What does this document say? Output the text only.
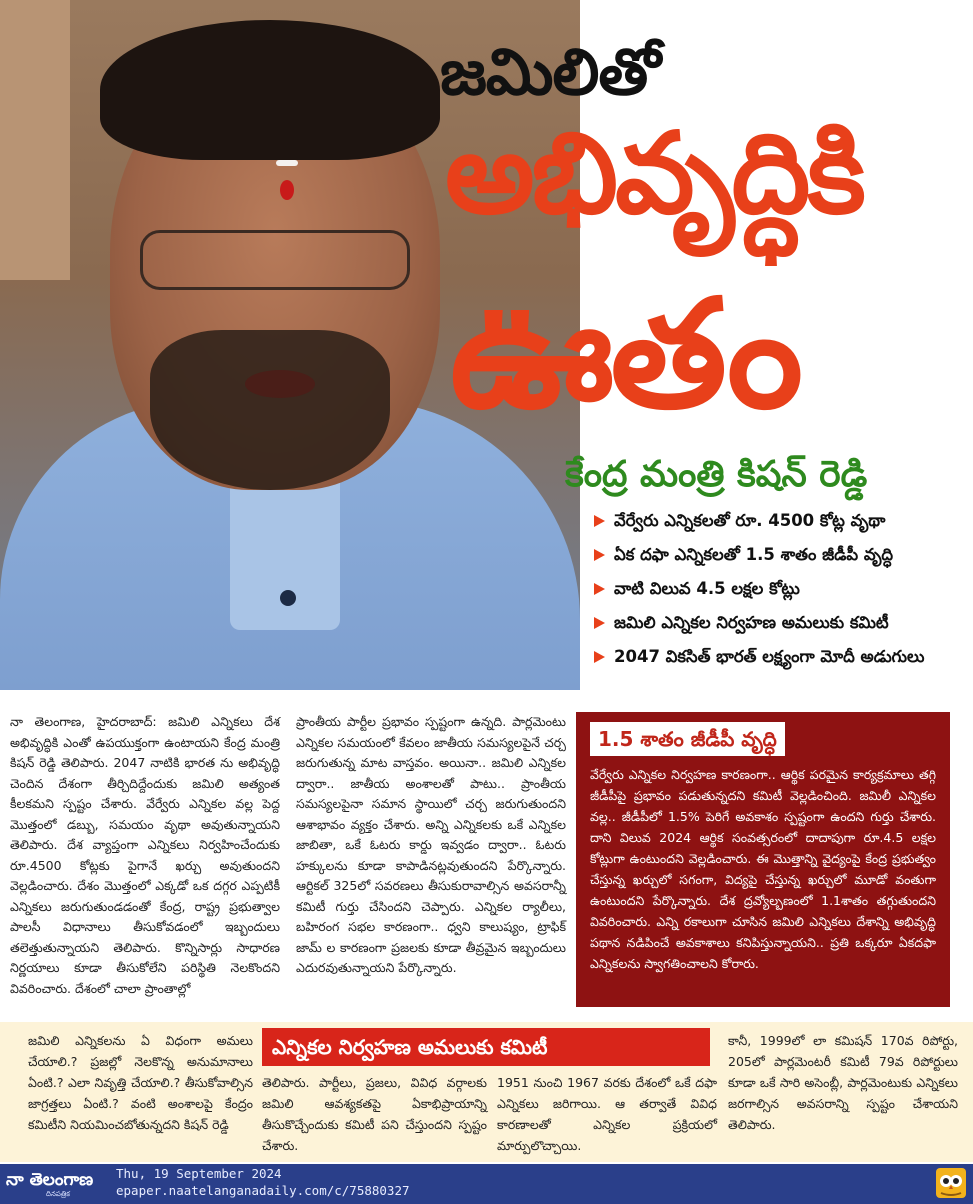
జమిలితో
అభివృద్ధికి
ఊతం
కేంద్ర మంత్రి కిషన్ రెడ్డి
వేర్వేరు ఎన్నికలతో రూ. 4500 కోట్ల వృథా
ఏక దఫా ఎన్నికలతో 1.5 శాతం జీడీపీ వృద్ధి
వాటి విలువ 4.5 లక్షల కోట్లు
జమిలి ఎన్నికల నిర్వహణ అమలుకు కమిటీ
2047 వికసిత్ భారత్ లక్ష్యంగా మోదీ అడుగులు
నా తెలంగాణ, హైదరాబాద్: జమిలి ఎన్నికలు దేశ అభివృద్ధికి ఎంతో ఉపయుక్తంగా ఉంటాయని కేంద్ర మంత్రి కిషన్ రెడ్డి తెలిపారు. 2047 నాటికి భారత ను అభివృద్ధి చెందిన దేశంగా తీర్చిదిద్దేందుకు జమిలి అత్యంత కీలకమని స్పష్టం చేశారు. వేర్వేరు ఎన్నికల వల్ల పెద్ద మొత్తంలో డబ్బు, సమయం వృథా అవుతున్నాయని తెలిపారు. దేశ వ్యాప్తంగా ఎన్నికలు నిర్వహించేందుకు రూ.4500 కోట్లకు పైగానే ఖర్చు అవుతుందని వెల్లడించారు. దేశం మొత్తంలో ఎక్కడో ఒక దగ్గర ఎప్పటికీ ఎన్నికలు జరుగుతుండడంతో కేంద్ర, రాష్ట్ర ప్రభుత్వాల పాలసీ విధానాలు తీసుకోవడంలో ఇబ్బందులు తలెత్తుతున్నాయని తెలిపారు. కొన్నిసార్లు సాధారణ నిర్ణయాలు కూడా తీసుకోలేని పరిస్థితి నెలకొందని వివరించారు. దేశంలో చాలా ప్రాంతాల్లో
ప్రాంతీయ పార్టీల ప్రభావం స్పష్టంగా ఉన్నది. పార్లమెంటు ఎన్నికల సమయంలో కేవలం జాతీయ సమస్యలపైనే చర్చ జరుగుతున్న మాట వాస్తవం. అయినా.. జమిలి ఎన్నికల ద్వారా.. జాతీయ అంశాలతో పాటు.. ప్రాంతీయ సమస్యలపైనా సమాన స్థాయిలో చర్చ జరుగుతుందని ఆశాభావం వ్యక్తం చేశారు. అన్ని ఎన్నికలకు ఒకే ఎన్నికల జాబితా, ఒకే ఓటరు కార్డు ఇవ్వడం ద్వారా.. ఓటరు హక్కులను కూడా కాపాడినట్లవుతుందని పేర్కొన్నారు. ఆర్టికల్ 325లో సవరణలు తీసుకురావాల్సిన అవసరాన్నీ కమిటీ గుర్తు చేసిందని చెప్పారు. ఎన్నికల ర్యాలీలు, బహిరంగ సభల కారణంగా.. ధ్వని కాలుష్యం, ట్రాఫిక్ జామ్ ల కారణంగా ప్రజలకు కూడా తీవ్రమైన ఇబ్బందులు ఎదురవుతున్నాయని పేర్కొన్నారు.
1.5 శాతం జీడీపీ వృద్ధి
వేర్వేరు ఎన్నికల నిర్వహణ కారణంగా.. ఆర్థిక పరమైన కార్యక్రమాలు తగ్గి జీడీపీపై ప్రభావం పడుతున్నదని కమిటీ వెల్లడించింది. జమిలీ ఎన్నికల వల్ల.. జీడీపీలో 1.5% పెరిగే అవకాశం స్పష్టంగా ఉందని గుర్తు చేశారు. దాని విలువ 2024 ఆర్థిక సంవత్సరంలో దాదాపుగా రూ.4.5 లక్షల కోట్లుగా ఉంటుందని వెల్లడించారు. ఈ మొత్తాన్ని వైద్యంపై కేంద్ర ప్రభుత్వం చేస్తున్న ఖర్చులో సగంగా, విద్యపై చేస్తున్న ఖర్చులో మూడో వంతుగా ఉంటుందని పేర్కొన్నారు. దేశ ద్రవ్యోల్బణంలో 1.1శాతం తగ్గుతుందని వివరించారు. ఎన్ని రకాలుగా చూసిన జమిలి ఎన్నికలు దేశాన్ని అభివృద్ధి పథాన నడిపించే అవకాశాలు కనిపిస్తున్నాయని.. ప్రతి ఒక్కరూ ఏకదఫా ఎన్నికలను స్వాగతించాలని కోరారు.
జమిలి ఎన్నికలను ఏ విధంగా అమలు చేయాలి.? ప్రజల్లో నెలకొన్న అనుమానాలు ఏంటి.? ఎలా నివృత్తి చేయాలి.? తీసుకోవాల్సిన జాగ్రత్తలు ఏంటి.? వంటి అంశాలపై కేంద్రం కమిటీని నియమించబోతున్నదని కిషన్ రెడ్డి
ఎన్నికల నిర్వహణ అమలుకు కమిటీ
తెలిపారు. పార్టీలు, ప్రజలు, వివిధ వర్గాలకు జమిలి ఆవశ్యకతపై ఏకాభిప్రాయాన్ని తీసుకొచ్చేందుకు కమిటీ పని చేస్తుందని స్పష్టం చేశారు.
1951 నుంచి 1967 వరకు దేశంలో ఒకే దఫా ఎన్నికలు జరిగాయి. ఆ తర్వాతే వివిధ కారణాలతో ఎన్నికల ప్రక్రియలో మార్పులొచ్చాయి.
కానీ, 1999లో లా కమిషన్ 170వ రిపోర్టు, 205లో పార్లమెంటరీ కమిటీ 79వ రిపోర్టులు కూడా ఒకే సారి అసెంబ్లీ, పార్లమెంటుకు ఎన్నికలు జరగాల్సిన అవసరాన్ని స్పష్టం చేశాయని తెలిపారు.
నా తెలంగాణ
దినపత్రిక
Thu, 19 September 2024
epaper.naatelanganadaily.com/c/75880327
